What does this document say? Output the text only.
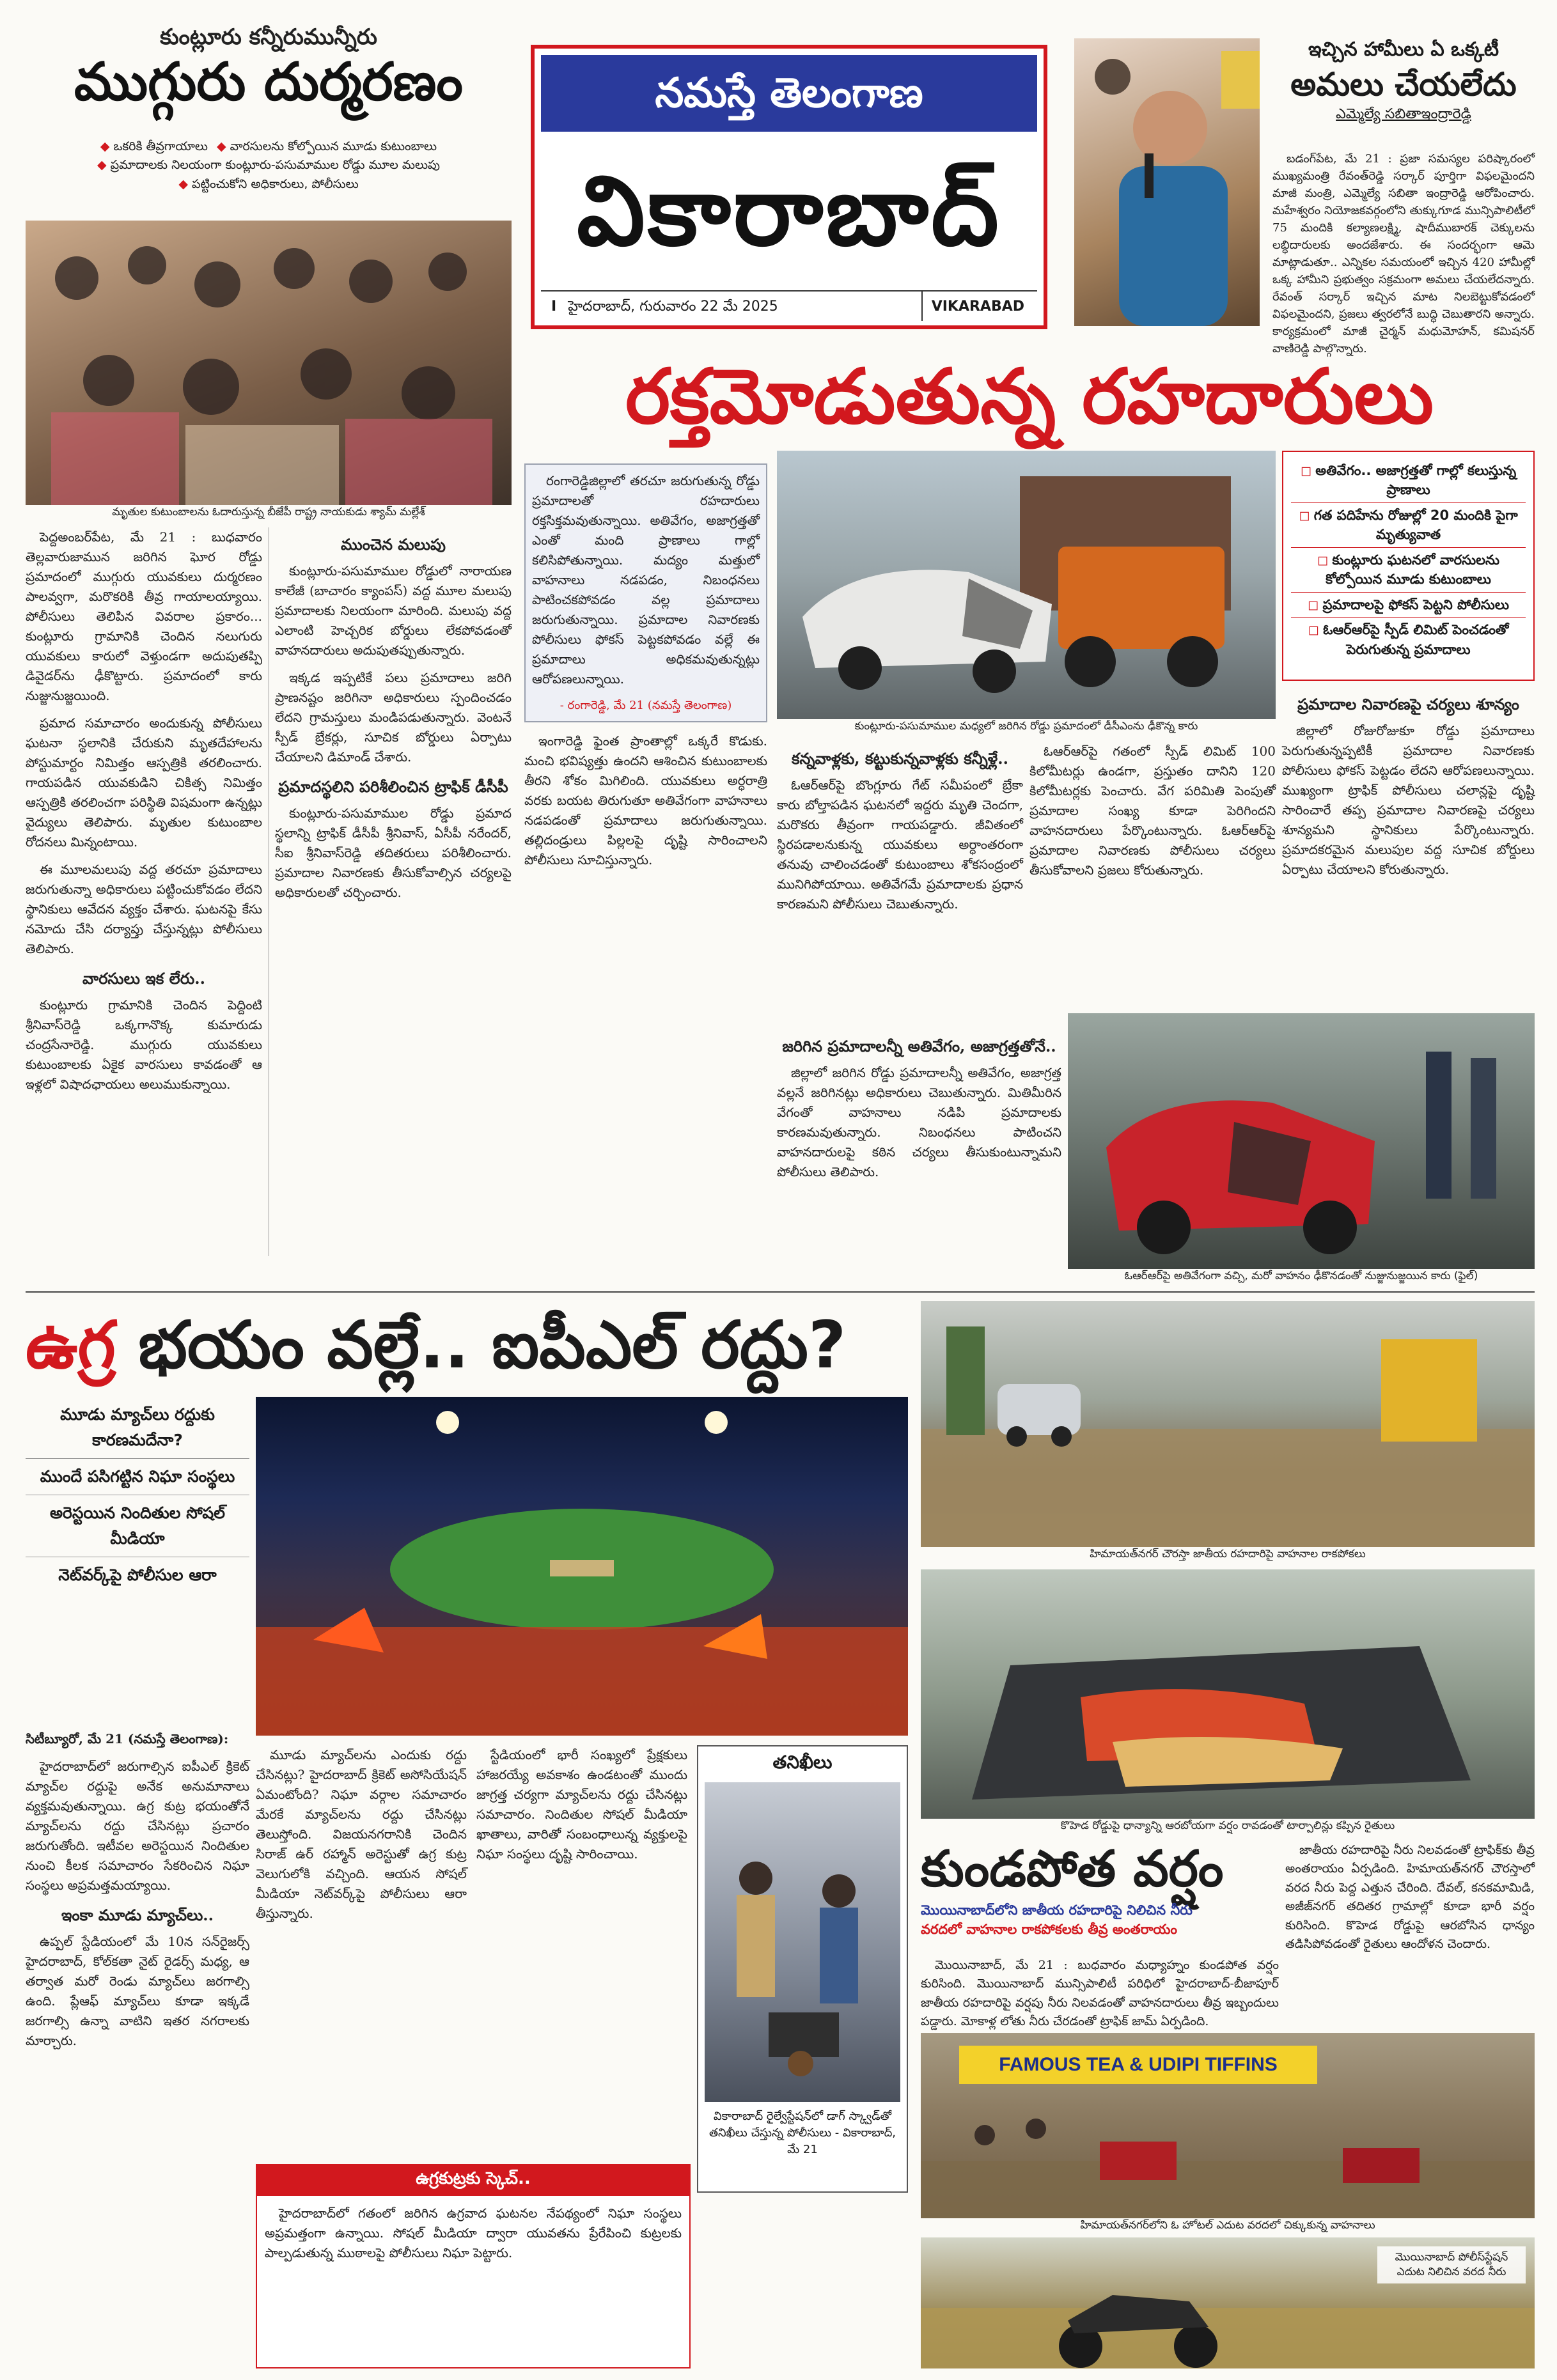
కుంట్లూరు కన్నీరుమున్నీరు
ముగ్గురు దుర్మరణం
◆ ఒకరికి తీవ్రగాయాలు ◆ వారసులను కోల్పోయిన మూడు కుటుంబాలు
◆ ప్రమాదాలకు నిలయంగా కుంట్లూరు-పసుమాముల రోడ్డు మూల మలుపు
◆ పట్టించుకోని అధికారులు, పోలీసులు
మృతుల కుటుంబాలను ఓదారుస్తున్న బీజేపీ రాష్ట్ర నాయకుడు శ్యామ్ మల్లేశ్

పెద్దఅంబర్‌పేట, మే 21 : బుధవారం తెల్లవారుజామున జరిగిన ఘోర రోడ్డు ప్రమాదంలో ముగ్గురు యువకులు దుర్మరణం పాలవ్వగా, మరొకరికి తీవ్ర గాయాలయ్యాయి. పోలీసులు తెలిపిన వివరాల ప్రకారం... కుంట్లూరు గ్రామానికి చెందిన నలుగురు యువకులు కారులో వెళ్తుండగా అదుపుతప్పి డివైడర్‌ను ఢీకొట్టారు. ప్రమాదంలో కారు నుజ్జునుజ్జయింది.

ప్రమాద సమాచారం అందుకున్న పోలీసులు ఘటనా స్థలానికి చేరుకుని మృతదేహాలను పోస్టుమార్టం నిమిత్తం ఆస్పత్రికి తరలించారు. గాయపడిన యువకుడిని చికిత్స నిమిత్తం ఆస్పత్రికి తరలించగా పరిస్థితి విషమంగా ఉన్నట్లు వైద్యులు తెలిపారు. మృతుల కుటుంబాల రోదనలు మిన్నంటాయి.

ఈ మూలమలుపు వద్ద తరచూ ప్రమాదాలు జరుగుతున్నా అధికారులు పట్టించుకోవడం లేదని స్థానికులు ఆవేదన వ్యక్తం చేశారు. ఘటనపై కేసు నమోదు చేసి దర్యాప్తు చేస్తున్నట్లు పోలీసులు తెలిపారు.

వారసులు ఇక లేరు..

కుంట్లూరు గ్రామానికి చెందిన పెద్దింటి శ్రీనివాస్‌రెడ్డి ఒక్కగానొక్క కుమారుడు చంద్రసేనారెడ్డి. ముగ్గురు యువకులు కుటుంబాలకు ఏకైక వారసులు కావడంతో ఆ ఇళ్లలో విషాదఛాయలు అలుముకున్నాయి.

ముంచెన మలుపు

కుంట్లూరు-పసుమాముల రోడ్డులో నారాయణ కాలేజీ (బాచారం క్యాంపస్) వద్ద మూల మలుపు ప్రమాదాలకు నిలయంగా మారింది. మలుపు వద్ద ఎలాంటి హెచ్చరిక బోర్డులు లేకపోవడంతో వాహనదారులు అదుపుతప్పుతున్నారు.

ఇక్కడ ఇప్పటికే పలు ప్రమాదాలు జరిగి ప్రాణనష్టం జరిగినా అధికారులు స్పందించడం లేదని గ్రామస్తులు మండిపడుతున్నారు. వెంటనే స్పీడ్ బ్రేకర్లు, సూచిక బోర్డులు ఏర్పాటు చేయాలని డిమాండ్ చేశారు.

ప్రమాదస్థలిని పరిశీలించిన ట్రాఫిక్ డీసీపీ

కుంట్లూరు-పసుమాముల రోడ్డు ప్రమాద స్థలాన్ని ట్రాఫిక్ డీసీపీ శ్రీనివాస్, ఏసీపీ నరేందర్, సీఐ శ్రీనివాస్‌రెడ్డి తదితరులు పరిశీలించారు. ప్రమాదాల నివారణకు తీసుకోవాల్సిన చర్యలపై అధికారులతో చర్చించారు.

నమస్తే తెలంగాణ
వికారాబాద్
I హైదరాబాద్, గురువారం 22 మే 2025	VIKARABAD
ఇచ్చిన హామీలు ఏ ఒక్కటీ
అమలు చేయలేదు
ఎమ్మెల్యే సబితాఇంద్రారెడ్డి

బడంగ్‌పేట, మే 21 : ప్రజా సమస్యల పరిష్కారంలో ముఖ్యమంత్రి రేవంత్‌రెడ్డి సర్కార్ పూర్తిగా విఫలమైందని మాజీ మంత్రి, ఎమ్మెల్యే సబితా ఇంద్రారెడ్డి ఆరోపించారు. మహేశ్వరం నియోజకవర్గంలోని తుక్కుగూడ మున్సిపాలిటీలో 75 మందికి కల్యాణలక్ష్మి, షాదీముబారక్ చెక్కులను లబ్ధిదారులకు అందజేశారు. ఈ సందర్భంగా ఆమె మాట్లాడుతూ.. ఎన్నికల సమయంలో ఇచ్చిన 420 హామీల్లో ఒక్క హామీని ప్రభుత్వం సక్రమంగా అమలు చేయలేదన్నారు. రేవంత్ సర్కార్ ఇచ్చిన మాట నిలబెట్టుకోవడంలో విఫలమైందని, ప్రజలు త్వరలోనే బుద్ధి చెబుతారని అన్నారు. కార్యక్రమంలో మాజీ చైర్మన్ మధుమోహన్, కమిషనర్ వాణిరెడ్డి పాల్గొన్నారు.

రక్తమోడుతున్న రహదారులు

రంగారెడ్డిజిల్లాలో తరచూ జరుగుతున్న రోడ్డు ప్రమాదాలతో రహదారులు రక్తసిక్తమవుతున్నాయి. అతివేగం, అజాగ్రత్తతో ఎంతో మంది ప్రాణాలు గాల్లో కలిసిపోతున్నాయి. మద్యం మత్తులో వాహనాలు నడపడం, నిబంధనలు పాటించకపోవడం వల్ల ప్రమాదాలు జరుగుతున్నాయి. ప్రమాదాల నివారణకు పోలీసులు ఫోకస్ పెట్టకపోవడం వల్లే ఈ ప్రమాదాలు అధికమవుతున్నట్లు ఆరోపణలున్నాయి.

- రంగారెడ్డి, మే 21 (నమస్తే తెలంగాణ)

ఇంగారెడ్డి ఫైంత ప్రాంతాల్లో ఒక్కరే కొడుకు. మంచి భవిష్యత్తు ఉందని ఆశించిన కుటుంబాలకు తీరని శోకం మిగిలింది. యువకులు అర్ధరాత్రి వరకు బయట తిరుగుతూ అతివేగంగా వాహనాలు నడపడంతో ప్రమాదాలు జరుగుతున్నాయి. తల్లిదండ్రులు పిల్లలపై దృష్టి సారించాలని పోలీసులు సూచిస్తున్నారు.

కుంట్లూరు-పసుమాముల మధ్యలో జరిగిన రోడ్డు ప్రమాదంలో డీసీఎంను ఢీకొన్న కారు
◻ అతివేగం.. అజాగ్రత్తతో గాల్లో కలుస్తున్న ప్రాణాలు
◻ గత పదిహేను రోజుల్లో 20 మందికి పైగా మృత్యువాత
◻ కుంట్లూరు ఘటనలో వారసులను కోల్పోయిన మూడు కుటుంబాలు
◻ ప్రమాదాలపై ఫోకస్ పెట్టని పోలీసులు
◻ ఓఆర్ఆర్‌పై స్పీడ్ లిమిట్ పెంచడంతో పెరుగుతున్న ప్రమాదాలు
ప్రమాదాల నివారణపై చర్యలు శూన్యం

జిల్లాలో రోజురోజుకూ రోడ్డు ప్రమాదాలు పెరుగుతున్నప్పటికీ ప్రమాదాల నివారణకు పోలీసులు ఫోకస్ పెట్టడం లేదని ఆరోపణలున్నాయి. ముఖ్యంగా ట్రాఫిక్ పోలీసులు చలాన్లపై దృష్టి సారించారే తప్ప ప్రమాదాల నివారణపై చర్యలు శూన్యమని స్థానికులు పేర్కొంటున్నారు. ప్రమాదకరమైన మలుపుల వద్ద సూచిక బోర్డులు ఏర్పాటు చేయాలని కోరుతున్నారు.

కన్నవాళ్లకు, కట్టుకున్నవాళ్లకు కన్నీళ్లే..

ఓఆర్ఆర్‌పై బొంగ్లూరు గేట్ సమీపంలో బ్రేకా కారు బోల్తాపడిన ఘటనలో ఇద్దరు మృతి చెందగా, మరొకరు తీవ్రంగా గాయపడ్డారు. జీవితంలో స్థిరపడాలనుకున్న యువకులు అర్ధాంతరంగా తనువు చాలించడంతో కుటుంబాలు శోకసంద్రంలో మునిగిపోయాయి. అతివేగమే ప్రమాదాలకు ప్రధాన కారణమని పోలీసులు చెబుతున్నారు.

ఓఆర్ఆర్‌పై గతంలో స్పీడ్ లిమిట్ 100 కిలోమీటర్లు ఉండగా, ప్రస్తుతం దానిని 120 కిలోమీటర్లకు పెంచారు. వేగ పరిమితి పెంపుతో ప్రమాదాల సంఖ్య కూడా పెరిగిందని వాహనదారులు పేర్కొంటున్నారు. ఓఆర్ఆర్‌పై ప్రమాదాల నివారణకు పోలీసులు చర్యలు తీసుకోవాలని ప్రజలు కోరుతున్నారు.

ఓఆర్ఆర్‌పై అతివేగంగా వచ్చి, మరో వాహనం ఢీకొనడంతో నుజ్జునుజ్జయిన కారు (ఫైల్)
జరిగిన ప్రమాదాలన్నీ అతివేగం, అజాగ్రత్తతోనే..

జిల్లాలో జరిగిన రోడ్డు ప్రమాదాలన్నీ అతివేగం, అజాగ్రత్త వల్లనే జరిగినట్లు అధికారులు చెబుతున్నారు. మితిమీరిన వేగంతో వాహనాలు నడిపి ప్రమాదాలకు కారణమవుతున్నారు. నిబంధనలు పాటించని వాహనదారులపై కఠిన చర్యలు తీసుకుంటున్నామని పోలీసులు తెలిపారు.

ఉగ్ర భయం వల్లే.. ఐపీఎల్ రద్దు?
మూడు మ్యాచ్‌లు రద్దుకు కారణమదేనా?
ముందే పసిగట్టిన నిఘా సంస్థలు
అరెస్టయిన నిందితుల సోషల్ మీడియా
నెట్‌వర్క్‌పై పోలీసుల ఆరా

సిటీబ్యూరో, మే 21 (నమస్తే తెలంగాణ):

హైదరాబాద్‌లో జరుగాల్సిన ఐపీఎల్ క్రికెట్ మ్యాచ్‌ల రద్దుపై అనేక అనుమానాలు వ్యక్తమవుతున్నాయి. ఉగ్ర కుట్ర భయంతోనే మ్యాచ్‌లను రద్దు చేసినట్లు ప్రచారం జరుగుతోంది. ఇటీవల అరెస్టయిన నిందితుల నుంచి కీలక సమాచారం సేకరించిన నిఘా సంస్థలు అప్రమత్తమయ్యాయి.

ఇంకా మూడు మ్యాచ్‌లు..

ఉప్పల్ స్టేడియంలో మే 10న సన్‌రైజర్స్ హైదరాబాద్, కోల్‌కతా నైట్ రైడర్స్ మధ్య, ఆ తర్వాత మరో రెండు మ్యాచ్‌లు జరగాల్సి ఉంది. ప్లేఆఫ్ మ్యాచ్‌లు కూడా ఇక్కడే జరగాల్సి ఉన్నా వాటిని ఇతర నగరాలకు మార్చారు.

మూడు మ్యాచ్‌లను ఎందుకు రద్దు చేసినట్లు? హైదరాబాద్ క్రికెట్ అసోసియేషన్ ఏమంటోంది? నిఘా వర్గాల సమాచారం మేరకే మ్యాచ్‌లను రద్దు చేసినట్లు తెలుస్తోంది. విజయనగరానికి చెందిన సిరాజ్ ఉర్ రహ్మాన్ అరెస్టుతో ఉగ్ర కుట్ర వెలుగులోకి వచ్చింది. ఆయన సోషల్ మీడియా నెట్‌వర్క్‌పై పోలీసులు ఆరా తీస్తున్నారు.

స్టేడియంలో భారీ సంఖ్యలో ప్రేక్షకులు హాజరయ్యే అవకాశం ఉండటంతో ముందు జాగ్రత్త చర్యగా మ్యాచ్‌లను రద్దు చేసినట్లు సమాచారం. నిందితుల సోషల్ మీడియా ఖాతాలు, వారితో సంబంధాలున్న వ్యక్తులపై నిఘా సంస్థలు దృష్టి సారించాయి.

తనిఖీలు
వికారాబాద్ రైల్వేస్టేషన్‌లో డాగ్ స్క్వాడ్‌తో తనిఖీలు చేస్తున్న పోలీసులు - వికారాబాద్, మే 21
ఉగ్రకుట్రకు స్కెచ్..

హైదరాబాద్‌లో గతంలో జరిగిన ఉగ్రవాద ఘటనల నేపథ్యంలో నిఘా సంస్థలు అప్రమత్తంగా ఉన్నాయి. సోషల్ మీడియా ద్వారా యువతను ప్రేరేపించి కుట్రలకు పాల్పడుతున్న ముఠాలపై పోలీసులు నిఘా పెట్టారు.

హిమాయత్‌నగర్ చౌరస్తా జాతీయ రహదారిపై వాహనాల రాకపోకలు
కొహెడ రోడ్డుపై ధాన్యాన్ని ఆరబోయగా వర్షం రావడంతో టార్పాలిన్లు కప్పిన రైతులు
కుండపోత వర్షం
మొయినాబాద్‌లోని జాతీయ రహదారిపై నిలిచిన నీరు
వరదలో వాహనాల రాకపోకలకు తీవ్ర అంతరాయం

మొయినాబాద్, మే 21 : బుధవారం మధ్యాహ్నం కుండపోత వర్షం కురిసింది. మొయినాబాద్ మున్సిపాలిటీ పరిధిలో హైదరాబాద్-బీజాపూర్ జాతీయ రహదారిపై వర్షపు నీరు నిలవడంతో వాహనదారులు తీవ్ర ఇబ్బందులు పడ్డారు. మోకాళ్ల లోతు నీరు చేరడంతో ట్రాఫిక్ జామ్ ఏర్పడింది.

జాతీయ రహదారిపై నీరు నిలవడంతో ట్రాఫిక్‌కు తీవ్ర అంతరాయం ఏర్పడింది. హిమాయత్‌నగర్ చౌరస్తాలో వరద నీరు పెద్ద ఎత్తున చేరింది. దేవల్, కనకమామిడి, అజీజ్‌నగర్ తదితర గ్రామాల్లో కూడా భారీ వర్షం కురిసింది. కొహెడ రోడ్డుపై ఆరబోసిన ధాన్యం తడిసిపోవడంతో రైతులు ఆందోళన చెందారు.

FAMOUS TEA & UDIPI TIFFINS
హిమాయత్‌నగర్‌లోని ఓ హోటల్ ఎదుట వరదలో చిక్కుకున్న వాహనాలు
మొయినాబాద్ పోలీస్‌స్టేషన్ ఎదుట నిలిచిన వరద నీరు
